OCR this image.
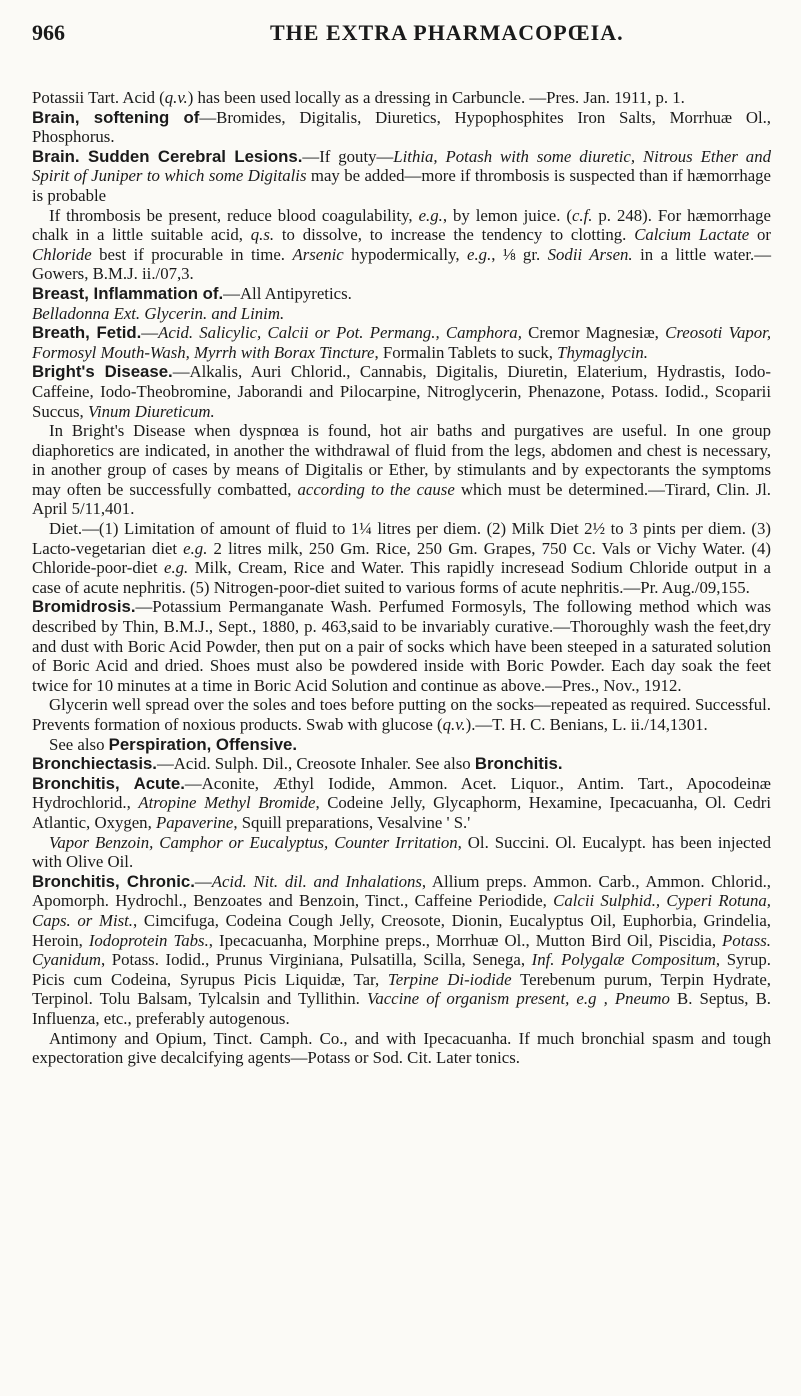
966	THE EXTRA PHARMACOPŒIA.

Potassii Tart. Acid (q.v.) has been used locally as a dressing in Carbuncle. —Pres. Jan. 1911, p. 1.

Brain, softening of—Bromides, Digitalis, Diuretics, Hypophosphites Iron Salts, Morrhuæ Ol., Phosphorus.

Brain. Sudden Cerebral Lesions.—If gouty—Lithia, Potash with some diuretic, Nitrous Ether and Spirit of Juniper to which some Digitalis may be added—more if thrombosis is suspected than if hæmorrhage is probable

If thrombosis be present, reduce blood coagulability, e.g., by lemon juice. (c.f. p. 248). For hæmorrhage chalk in a little suitable acid, q.s. to dissolve, to increase the tendency to clotting. Calcium Lactate or Chloride best if procurable in time. Arsenic hypodermically, e.g., ⅛ gr. Sodii Arsen. in a little water.—Gowers, B.M.J. ii./07,3.

Breast, Inflammation of.—All Antipyretics.

Belladonna Ext. Glycerin. and Linim.

Breath, Fetid.—Acid. Salicylic, Calcii or Pot. Permang., Camphora, Cremor Magnesiæ, Creosoti Vapor, Formosyl Mouth-Wash, Myrrh with Borax Tincture, Formalin Tablets to suck, Thymaglycin.

Bright's Disease.—Alkalis, Auri Chlorid., Cannabis, Digitalis, Diuretin, Elaterium, Hydrastis, Iodo-Caffeine, Iodo-Theobromine, Jaborandi and Pilocarpine, Nitroglycerin, Phenazone, Potass. Iodid., Scoparii Succus, Vinum Diureticum.

In Bright's Disease when dyspnœa is found, hot air baths and purgatives are useful. In one group diaphoretics are indicated, in another the withdrawal of fluid from the legs, abdomen and chest is necessary, in another group of cases by means of Digitalis or Ether, by stimulants and by expectorants the symptoms may often be successfully combatted, according to the cause which must be determined.—Tirard, Clin. Jl. April 5/11,401.

Diet.—(1) Limitation of amount of fluid to 1¼ litres per diem. (2) Milk Diet 2½ to 3 pints per diem. (3) Lacto-vegetarian diet e.g. 2 litres milk, 250 Gm. Rice, 250 Gm. Grapes, 750 Cc. Vals or Vichy Water. (4) Chloride-poor-diet e.g. Milk, Cream, Rice and Water. This rapidly incresead Sodium Chloride output in a case of acute nephritis. (5) Nitrogen-poor-diet suited to various forms of acute nephritis.—Pr. Aug./09,155.

Bromidrosis.—Potassium Permanganate Wash. Perfumed Formosyls, The following method which was described by Thin, B.M.J., Sept., 1880, p. 463,said to be invariably curative.—Thoroughly wash the feet,dry and dust with Boric Acid Powder, then put on a pair of socks which have been steeped in a saturated solution of Boric Acid and dried. Shoes must also be powdered inside with Boric Powder. Each day soak the feet twice for 10 minutes at a time in Boric Acid Solution and continue as above.—Pres., Nov., 1912.

Glycerin well spread over the soles and toes before putting on the socks—repeated as required. Successful. Prevents formation of noxious products. Swab with glucose (q.v.).—T. H. C. Benians, L. ii./14,1301.

See also Perspiration, Offensive.

Bronchiectasis.—Acid. Sulph. Dil., Creosote Inhaler. See also Bronchitis.

Bronchitis, Acute.—Aconite, Æthyl Iodide, Ammon. Acet. Liquor., Antim. Tart., Apocodeinæ Hydrochlorid., Atropine Methyl Bromide, Codeine Jelly, Glycaphorm, Hexamine, Ipecacuanha, Ol. Cedri Atlantic, Oxygen, Papaverine, Squill preparations, Vesalvine ' S.'

Vapor Benzoin, Camphor or Eucalyptus, Counter Irritation, Ol. Succini. Ol. Eucalypt. has been injected with Olive Oil.

Bronchitis, Chronic.—Acid. Nit. dil. and Inhalations, Allium preps. Ammon. Carb., Ammon. Chlorid., Apomorph. Hydrochl., Benzoates and Benzoin, Tinct., Caffeine Periodide, Calcii Sulphid., Cyperi Rotuna, Caps. or Mist., Cimcifuga, Codeina Cough Jelly, Creosote, Dionin, Eucalyptus Oil, Euphorbia, Grindelia, Heroin, Iodoprotein Tabs., Ipecacuanha, Morphine preps., Morrhuæ Ol., Mutton Bird Oil, Piscidia, Potass. Cyanidum, Potass. Iodid., Prunus Virginiana, Pulsatilla, Scilla, Senega, Inf. Polygalæ Compositum, Syrup. Picis cum Codeina, Syrupus Picis Liquidæ, Tar, Terpine Di-iodide Terebenum purum, Terpin Hydrate, Terpinol. Tolu Balsam, Tylcalsin and Tyllithin. Vaccine of organism present, e.g , Pneumo B. Septus, B. Influenza, etc., preferably autogenous.

Antimony and Opium, Tinct. Camph. Co., and with Ipecacuanha. If much bronchial spasm and tough expectoration give decalcifying agents—Potass or Sod. Cit. Later tonics.
